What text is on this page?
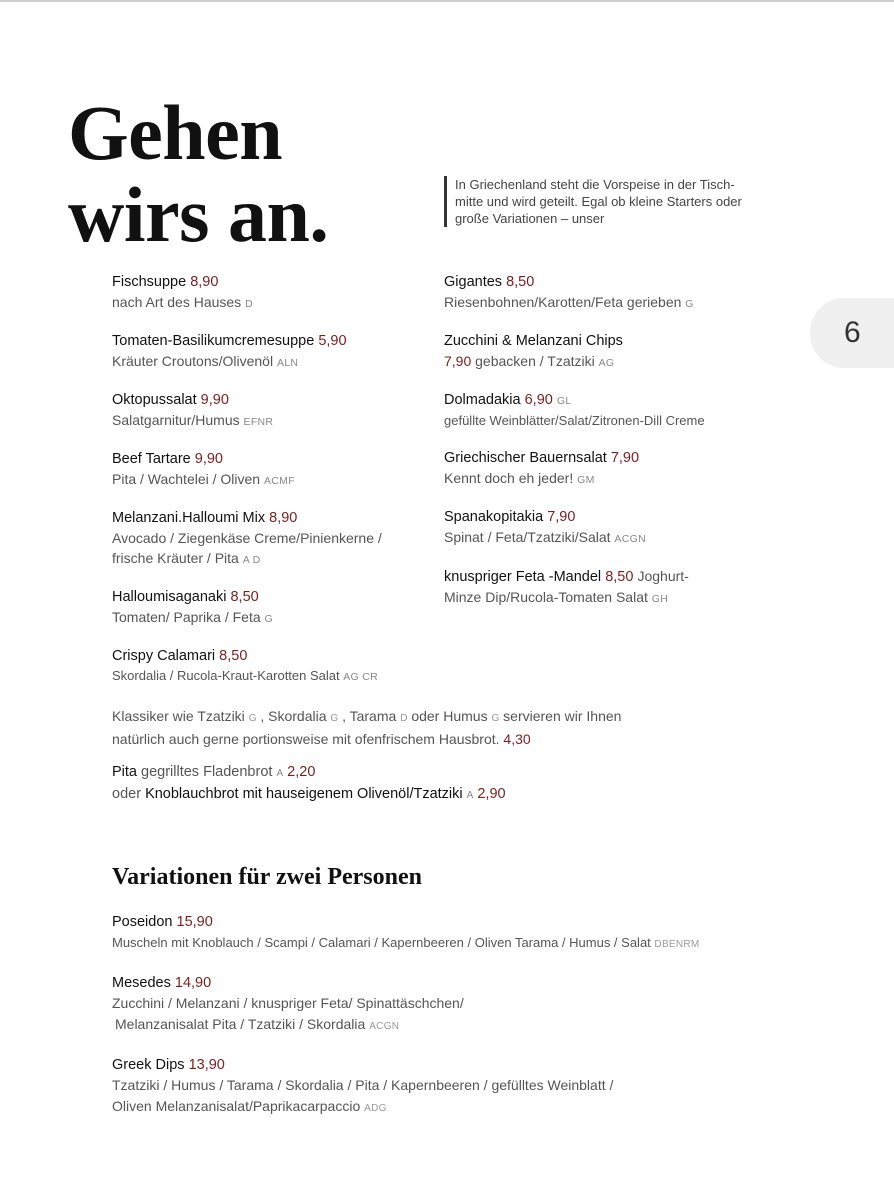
Gehen
wirs an.	In Griechenland steht die Vorspeise in der Tisch-mitte und wird geteilt. Egal ob kleine Starters oder große Variationen – unser
6
Fischsuppe 8,90
nach Art des Hauses D
Tomaten-Basilikumcremesuppe 5,90
Kräuter Croutons/Olivenöl ALN
Oktopussalat 9,90
Salatgarnitur/Humus EFNR
Beef Tartare 9,90
Pita / Wachtelei / Oliven ACMF
Melanzani.Halloumi Mix 8,90
Avocado / Ziegenkäse Creme/Pinienkerne / frische Kräuter / Pita A D
Halloumisaganaki 8,50
Tomaten/ Paprika / Feta G
Crispy Calamari 8,50
Skordalia / Rucola-Kraut-Karotten Salat AG CR
Gigantes 8,50
Riesenbohnen/Karotten/Feta gerieben G
Zucchini & Melanzani Chips
7,90 gebacken / Tzatziki AG
Dolmadakia 6,90 GL
gefüllte Weinblätter/Salat/Zitronen-Dill Creme
Griechischer Bauernsalat 7,90
Kennt doch eh jeder! GM
Spanakopitakia 7,90
Spinat / Feta/Tzatziki/Salat ACGN
knuspriger Feta -Mandel 8,50 Joghurt-
Minze Dip/Rucola-Tomaten Salat GH
Klassiker wie Tzatziki G , Skordalia G , Tarama D oder Humus G servieren wir Ihnen natürlich auch gerne portionsweise mit ofenfrischem Hausbrot. 4,30
Pita gegrilltes Fladenbrot A 2,20
oder Knoblauchbrot mit hauseigenem Olivenöl/Tzatziki A 2,90
Variationen für zwei Personen
Poseidon 15,90
Muscheln mit Knoblauch / Scampi / Calamari / Kapernbeeren / Oliven Tarama / Humus / Salat DBENRM
Mesedes 14,90
Zucchini / Melanzani / knuspriger Feta/ Spinattäschchen/
Melanzanisalat Pita / Tzatziki / Skordalia ACGN
Greek Dips 13,90
Tzatziki / Humus / Tarama / Skordalia / Pita / Kapernbeeren / gefülltes Weinblatt /
Oliven Melanzanisalat/Paprikacarpaccio ADG
